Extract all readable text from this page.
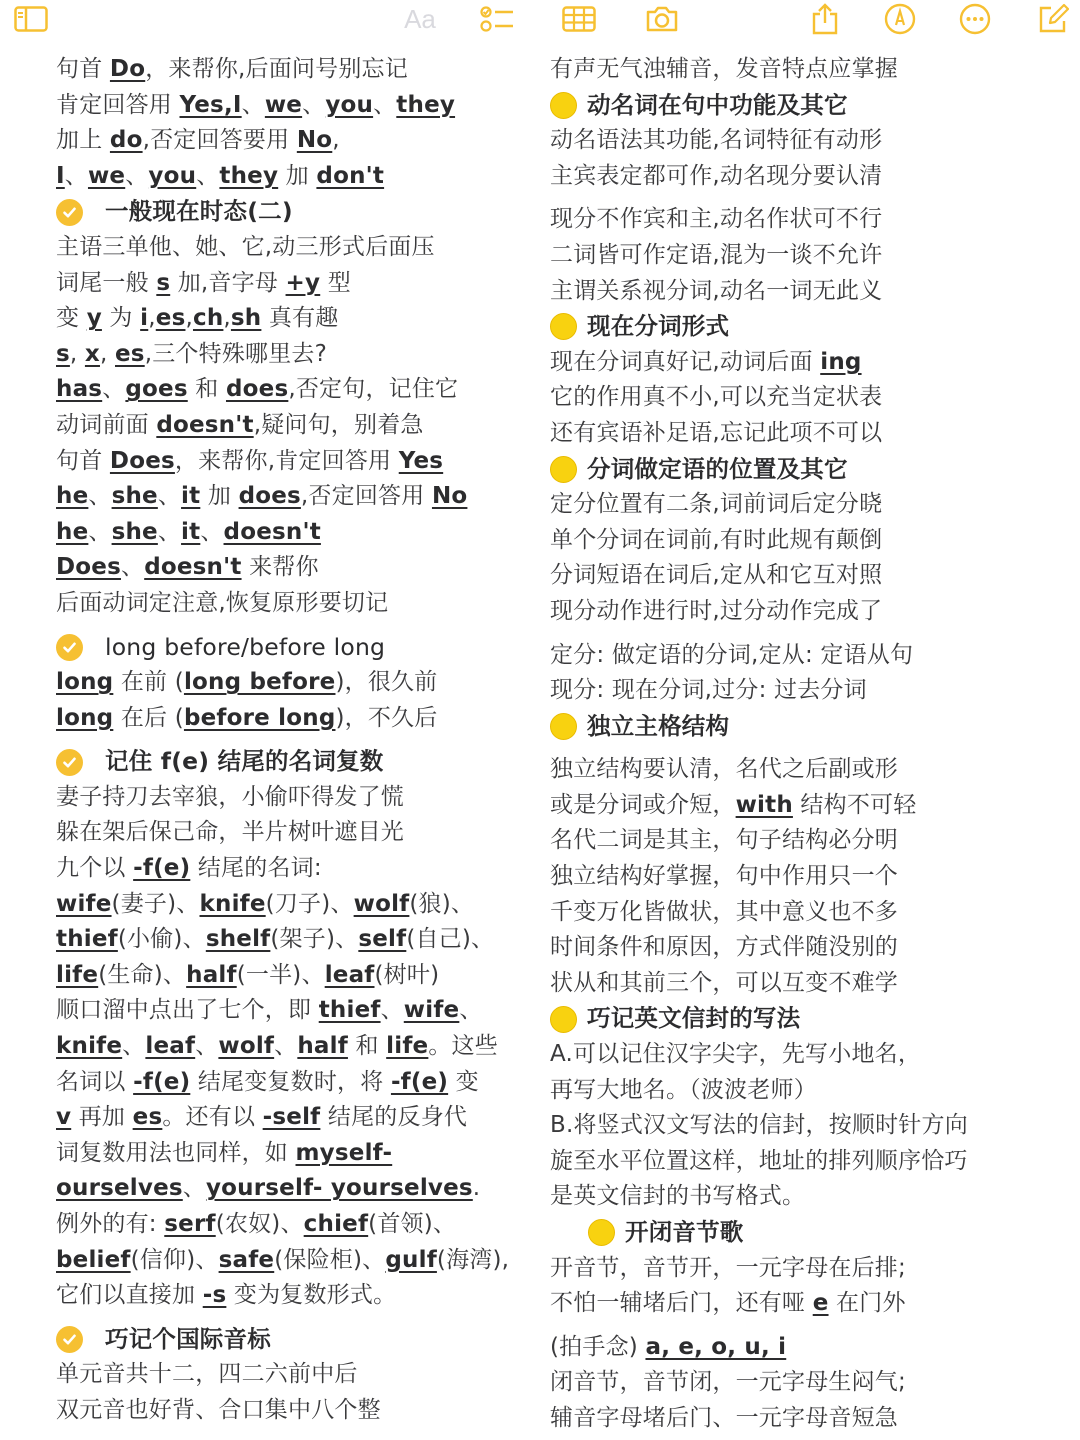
Aa
句首 Do，来帮你,后面问号别忘记
肯定回答用 Yes,I、we、you、they
加上 do,否定回答要用 No,
I、we、you、they 加 don't
一般现在时态(二)
主语三单他、她、它,动三形式后面压
词尾一般 s 加,音字母 +y 型
变 y 为 i,es,ch,sh 真有趣
s, x, es,三个特殊哪里去?
has、goes 和 does,否定句，记住它
动词前面 doesn't,疑问句，别着急
句首 Does，来帮你,肯定回答用 Yes
he、she、it 加 does,否定回答用 No
he、she、it、doesn't
Does、doesn't 来帮你
后面动词定注意,恢复原形要切记
long before/before long
long 在前 (long before)，很久前
long 在后 (before long)，不久后
记住 f(e) 结尾的名词复数
妻子持刀去宰狼，小偷吓得发了慌
躲在架后保己命，半片树叶遮目光
九个以 -f(e) 结尾的名词:
wife(妻子)、knife(刀子)、wolf(狼)、
thief(小偷)、shelf(架子)、self(自己)、
life(生命)、half(一半)、leaf(树叶)
顺口溜中点出了七个，即 thief、wife、
knife、leaf、wolf、half 和 life。这些
名词以 -f(e) 结尾变复数时，将 -f(e) 变
v 再加 es。还有以 -self 结尾的反身代
词复数用法也同样，如 myself-
ourselves、yourself- yourselves.
例外的有: serf(农奴)、chief(首领)、
belief(信仰)、safe(保险柜)、gulf(海湾),
它们以直接加 -s 变为复数形式。
巧记个国际音标
单元音共十二，四二六前中后
双元音也好背、合口集中八个整
有声无气浊辅音，发音特点应掌握
动名词在句中功能及其它
动名语法其功能,名词特征有动形
主宾表定都可作,动名现分要认清
现分不作宾和主,动名作状可不行
二词皆可作定语,混为一谈不允许
主谓关系视分词,动名一词无此义
现在分词形式
现在分词真好记,动词后面 ing
它的作用真不小,可以充当定状表
还有宾语补足语,忘记此项不可以
分词做定语的位置及其它
定分位置有二条,词前词后定分晓
单个分词在词前,有时此规有颠倒
分词短语在词后,定从和它互对照
现分动作进行时,过分动作完成了
定分: 做定语的分词,定从: 定语从句
现分: 现在分词,过分: 过去分词
独立主格结构
独立结构要认清，名代之后副或形
或是分词或介短，with 结构不可轻
名代二词是其主，句子结构必分明
独立结构好掌握，句中作用只一个
千变万化皆做状，其中意义也不多
时间条件和原因，方式伴随没别的
状从和其前三个，可以互变不难学
巧记英文信封的写法
A.可以记住汉字尖字，先写小地名，
再写大地名。（波波老师）
B.将竖式汉文写法的信封，按顺时针方向
旋至水平位置这样，地址的排列顺序恰巧
是英文信封的书写格式。
开闭音节歌
开音节，音节开，一元字母在后排;
不怕一辅堵后门，还有哑 e 在门外
(拍手念) a, e, o, u, i
闭音节，音节闭，一元字母生闷气;
辅音字母堵后门、一元字母音短急
